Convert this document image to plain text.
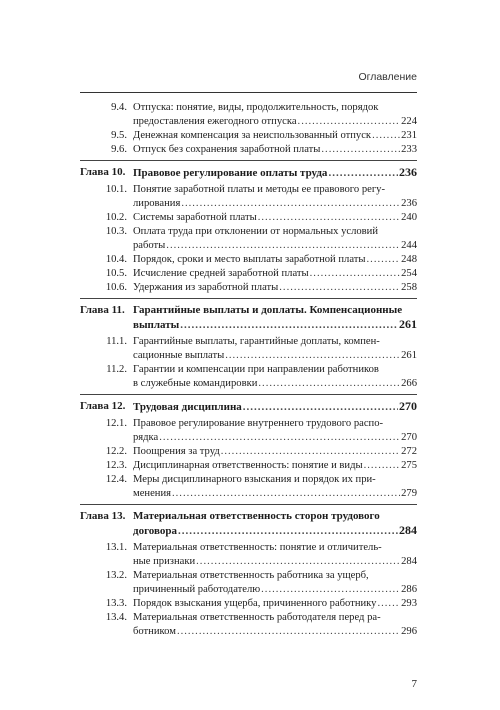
Оглавление
9.4. Отпуска: понятие, виды, продолжительность, порядок
предоставления ежегодного отпуска .....	224
9.5. Денежная компенсация за неиспользованный отпуск .....	231
9.6. Отпуск без сохранения заработной платы .....	233
Глава 10. Правовое регулирование оплаты труда .....	236
10.1. Понятие заработной платы и методы ее правового регу-
лирования .....	236
10.2. Системы заработной платы .....	240
10.3. Оплата труда при отклонении от нормальных условий
работы .....	244
10.4. Порядок, сроки и место выплаты заработной платы .....	248
10.5. Исчисление средней заработной платы .....	254
10.6. Удержания из заработной платы .....	258
Глава 11. Гарантийные выплаты и доплаты. Компенсационные
выплаты .....	261
11.1. Гарантийные выплаты, гарантийные доплаты, компен-
сационные выплаты .....	261
11.2. Гарантии и компенсации при направлении работников
в служебные командировки .....	266
Глава 12. Трудовая дисциплина .....	270
12.1. Правовое регулирование внутреннего трудового распо-
рядка .....	270
12.2. Поощрения за труд .....	272
12.3. Дисциплинарная ответственность: понятие и виды .....	275
12.4. Меры дисциплинарного взыскания и порядок их при-
менения .....	279
Глава 13. Материальная ответственность сторон трудового
договора .....	284
13.1. Материальная ответственность: понятие и отличитель-
ные признаки .....	284
13.2. Материальная ответственность работника за ущерб,
причиненный работодателю .....	286
13.3. Порядок взыскания ущерба, причиненного работнику ..... 293
13.4. Материальная ответственность работодателя перед ра-
ботником .....	296
7
